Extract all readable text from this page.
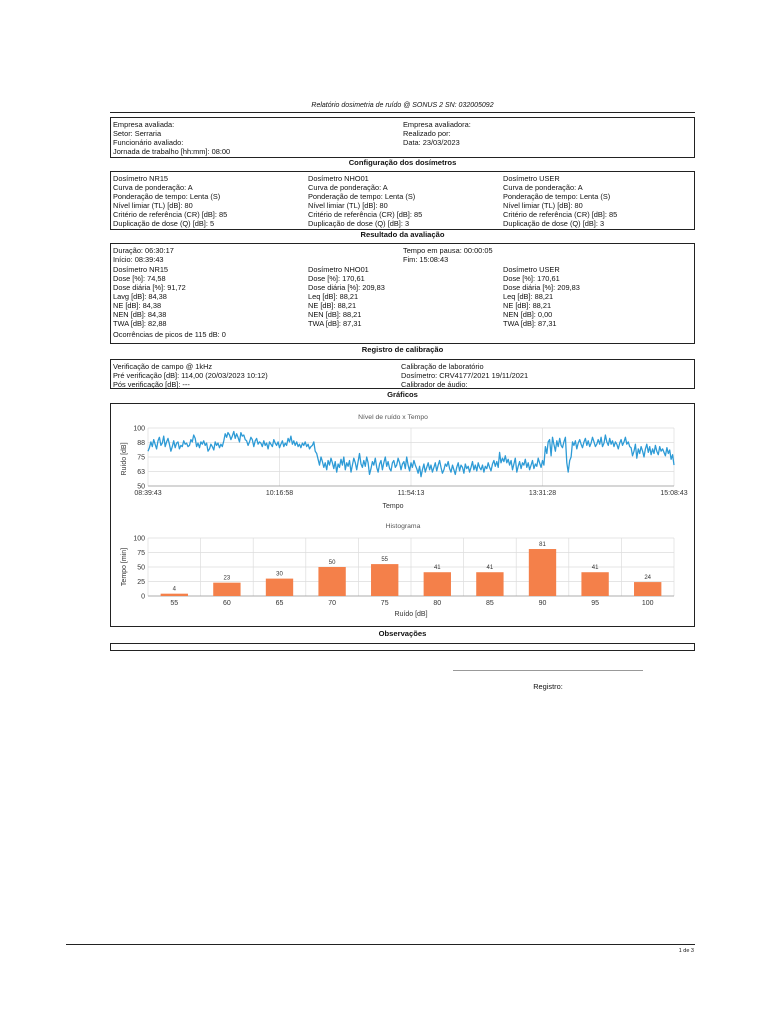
Relatório dosimetria de ruído @ SONUS 2 SN: 032005092
Empresa avaliada:
Setor: Serraria
Funcionário avaliado:
Jornada de trabalho [hh:mm]: 08:00
Empresa avaliadora:
Realizado por:
Data: 23/03/2023
Configuração dos dosímetros
Dosímetro NR15
Curva de ponderação: A
Ponderação de tempo: Lenta (S)
Nível limiar (TL) [dB]: 80
Critério de referência (CR) [dB]: 85
Duplicação de dose (Q) [dB]: 5
Dosímetro NHO01
Curva de ponderação: A
Ponderação de tempo: Lenta (S)
Nível limiar (TL) [dB]: 80
Critério de referência (CR) [dB]: 85
Duplicação de dose (Q) [dB]: 3
Dosímetro USER
Curva de ponderação: A
Ponderação de tempo: Lenta (S)
Nível limiar (TL) [dB]: 80
Critério de referência (CR) [dB]: 85
Duplicação de dose (Q) [dB]: 3
Resultado da avaliação
Duração: 06:30:17
Início: 08:39:43
Tempo em pausa: 00:00:05
Fim: 15:08:43
Dosímetro NR15
Dose [%]: 74,58
Dose diária [%]: 91,72
Lavg [dB]: 84,38
NE [dB]: 84,38
NEN [dB]: 84,38
TWA [dB]: 82,88
Dosímetro NHO01
Dose [%]: 170,61
Dose diária [%]: 209,83
Leq [dB]: 88,21
NE [dB]: 88,21
NEN [dB]: 88,21
TWA [dB]: 87,31
Dosímetro USER
Dose [%]: 170,61
Dose diária [%]: 209,83
Leq [dB]: 88,21
NE [dB]: 88,21
NEN [dB]: 0,00
TWA [dB]: 87,31
Ocorrências de picos de 115 dB: 0
Registro de calibração
Verificação de campo @ 1kHz
Pré verificação [dB]: 114,00 (20/03/2023 10:12)
Pós verificação [dB]: ---
Calibração de laboratório
Dosímetro: CRV4177/2021 19/11/2021
Calibrador de áudio:
Gráficos
Nível de ruído x Tempo
100
88
75
63
50
08:39:43	10:16:58	11:54:13	13:31:28	15:08:43
Tempo
Ruído [dB]
Histograma
100
75
50
25
0
4
23
30
50	55
41	41
81
41
24
55	60	65	70	75	80	85	90	95	100
Ruído [dB]
Tempo [min]
Observações
Registro:
1 de 3
